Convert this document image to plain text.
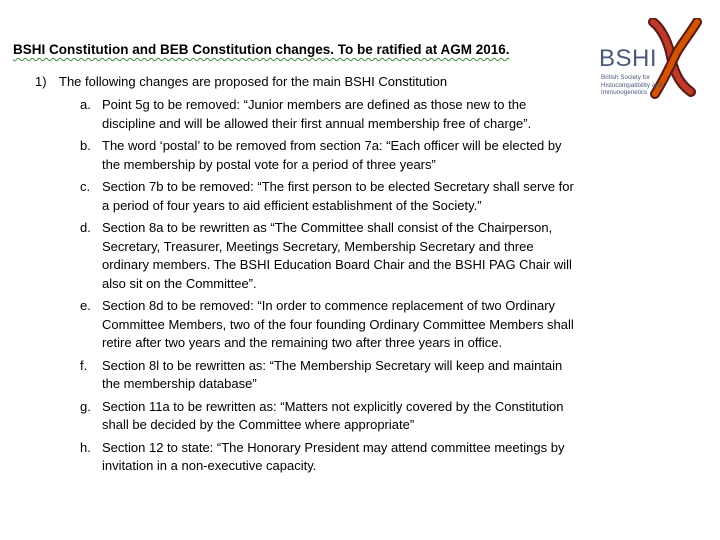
BSHI Constitution and BEB Constitution changes. To be ratified at AGM 2016.
1) The following changes are proposed for the main BSHI Constitution
a. Point 5g to be removed: “Junior members are defined as those new to the discipline and will be allowed their first annual membership free of charge”.
b. The word ‘postal’ to be removed from section 7a: “Each officer will be elected by the membership by postal vote for a period of three years”
c. Section 7b to be removed: “The first person to be elected Secretary shall serve for a period of four years to aid efficient establishment of the Society.”
d. Section 8a to be rewritten as “The Committee shall consist of the Chairperson, Secretary, Treasurer, Meetings Secretary, Membership Secretary and three ordinary members. The BSHI Education Board Chair and the BSHI PAG Chair will also sit on the Committee”.
e. Section 8d to be removed: “In order to commence replacement of two Ordinary Committee Members, two of the four founding Ordinary Committee Members shall retire after two years and the remaining two after three years in office.
f. Section 8l to be rewritten as: “The Membership Secretary will keep and maintain the membership database”
g. Section 11a to be rewritten as: “Matters not explicitly covered by the Constitution shall be decided by the Committee where appropriate”
h. Section 12 to state: “The Honorary President may attend committee meetings by invitation in a non-executive capacity.
BSHI
British Society for Histocompatibility and Immunogenetics
